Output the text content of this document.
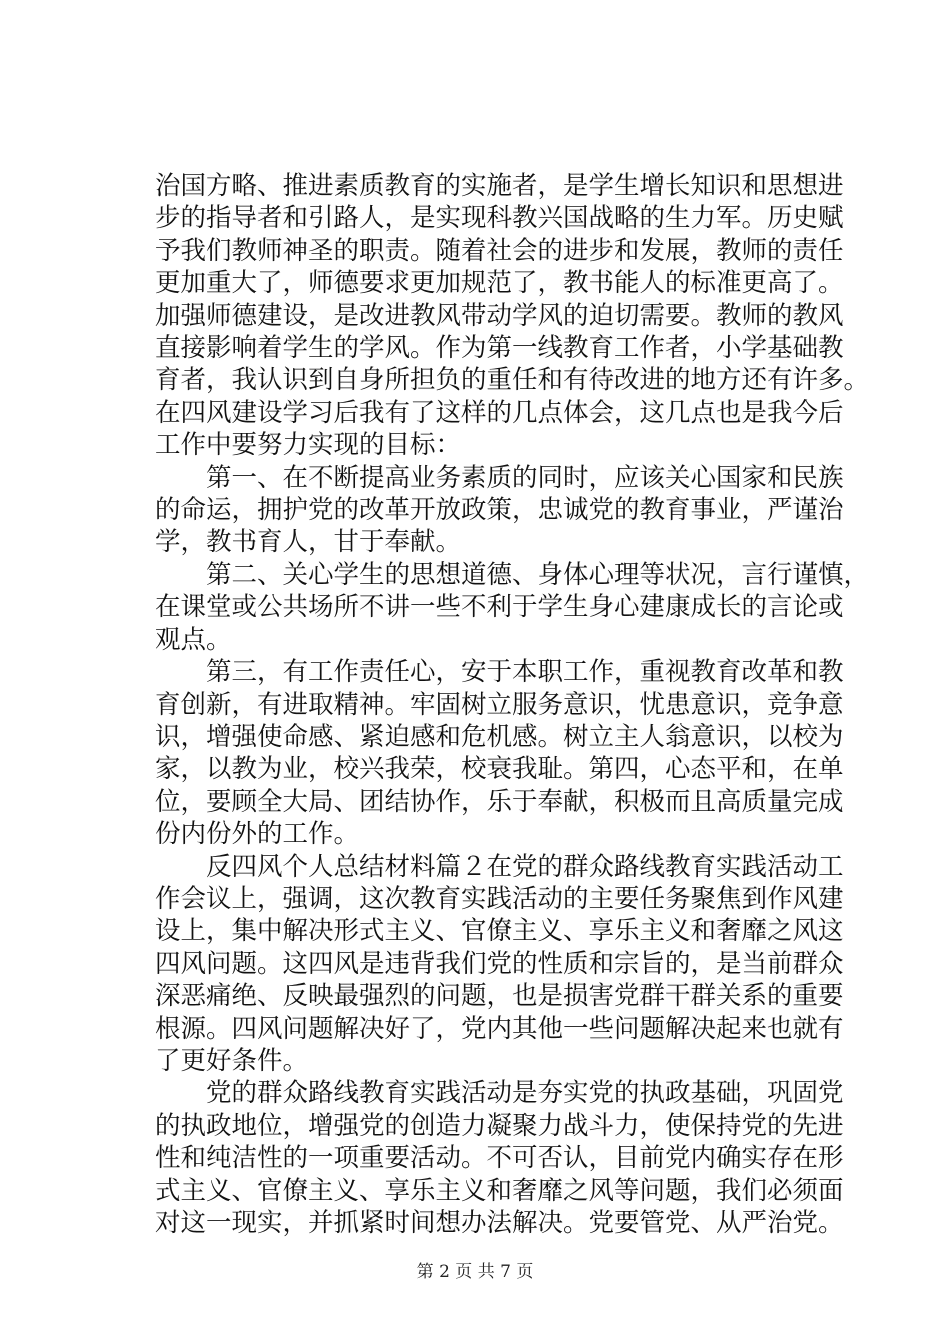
治国方略、推进素质教育的实施者，是学生增长知识和思想进
步的指导者和引路人，是实现科教兴国战略的生力军。历史赋
予我们教师神圣的职责。随着社会的进步和发展，教师的责任
更加重大了，师德要求更加规范了，教书能人的标准更高了。
加强师德建设，是改进教风带动学风的迫切需要。教师的教风
直接影响着学生的学风。作为第一线教育工作者，小学基础教
育者，我认识到自身所担负的重任和有待改进的地方还有许多。
在四风建设学习后我有了这样的几点体会，这几点也是我今后
工作中要努力实现的目标：
第一、在不断提高业务素质的同时，应该关心国家和民族
的命运，拥护党的改革开放政策，忠诚党的教育事业，严谨治
学，教书育人，甘于奉献。
第二、关心学生的思想道德、身体心理等状况，言行谨慎，
在课堂或公共场所不讲一些不利于学生身心建康成长的言论或
观点。
第三，有工作责任心，安于本职工作，重视教育改革和教
育创新，有进取精神。牢固树立服务意识，忧患意识，竞争意
识，增强使命感、紧迫感和危机感。树立主人翁意识，以校为
家，以教为业，校兴我荣，校衰我耻。第四，心态平和，在单
位，要顾全大局、团结协作，乐于奉献，积极而且高质量完成
份内份外的工作。
反四风个人总结材料篇２在党的群众路线教育实践活动工
作会议上，强调，这次教育实践活动的主要任务聚焦到作风建
设上，集中解决形式主义、官僚主义、享乐主义和奢靡之风这
四风问题。这四风是违背我们党的性质和宗旨的，是当前群众
深恶痛绝、反映最强烈的问题，也是损害党群干群关系的重要
根源。四风问题解决好了，党内其他一些问题解决起来也就有
了更好条件。
党的群众路线教育实践活动是夯实党的执政基础，巩固党
的执政地位，增强党的创造力凝聚力战斗力，使保持党的先进
性和纯洁性的一项重要活动。不可否认，目前党内确实存在形
式主义、官僚主义、享乐主义和奢靡之风等问题，我们必须面
对这一现实，并抓紧时间想办法解决。党要管党、从严治党。
第 2 页 共 7 页
